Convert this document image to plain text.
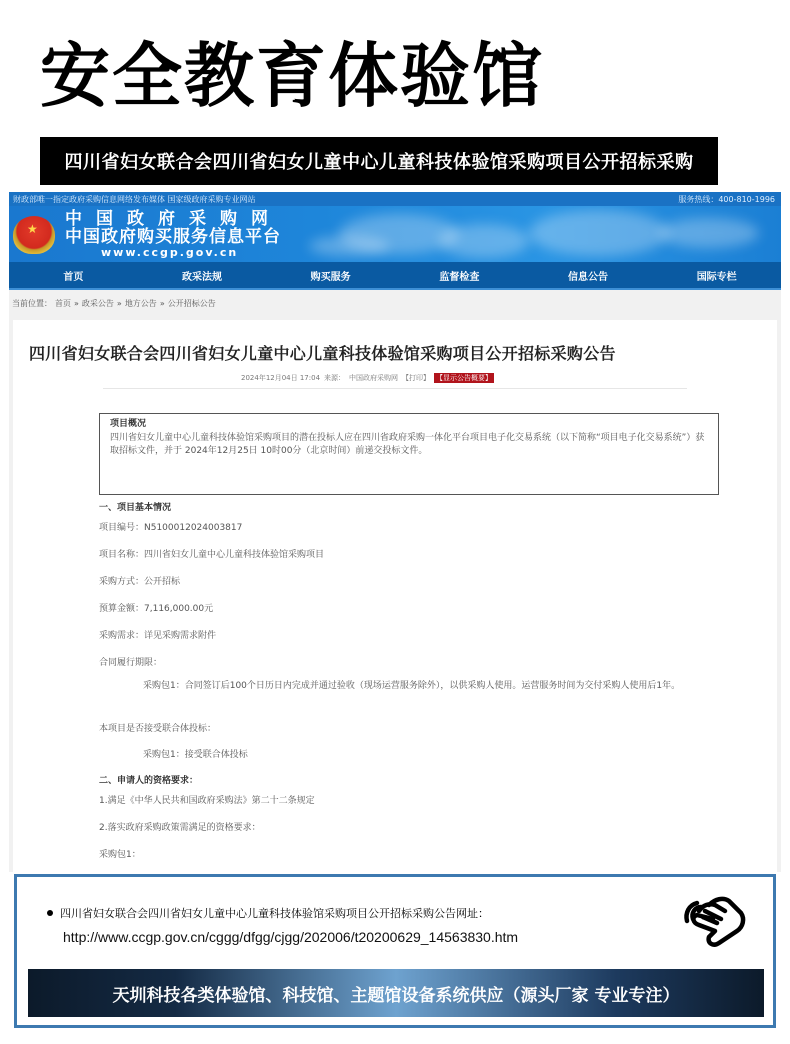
安全教育体验馆
四川省妇女联合会四川省妇女儿童中心儿童科技体验馆采购项目公开招标采购
财政部唯一指定政府采购信息网络发布媒体 国家级政府采购专业网站	服务热线：400-810-1996
★
中国政府采购网
中国政府购买服务信息平台
www.ccgp.gov.cn
首页	政采法规	购买服务	监督检查	信息公告	国际专栏
当前位置： 首页 » 政采公告 » 地方公告 » 公开招标公告
四川省妇女联合会四川省妇女儿童中心儿童科技体验馆采购项目公开招标采购公告
2024年12月04日 17:04 来源： 中国政府采购网 【打印】 【显示公告概要】
项目概况
四川省妇女儿童中心儿童科技体验馆采购项目的潜在投标人应在四川省政府采购一体化平台项目电子化交易系统（以下简称“项目电子化交易系统”）获取招标文件，并于 2024年12月25日 10时00分（北京时间）前递交投标文件。
一、项目基本情况
项目编号：N5100012024003817
项目名称：四川省妇女儿童中心儿童科技体验馆采购项目
采购方式：公开招标
预算金额：7,116,000.00元
采购需求：详见采购需求附件
合同履行期限：
采购包1：合同签订后100个日历日内完成并通过验收（现场运营服务除外），以供采购人使用。运营服务时间为交付采购人使用后1年。
本项目是否接受联合体投标：
采购包1：接受联合体投标
二、申请人的资格要求：
1.满足《中华人民共和国政府采购法》第二十二条规定
2.落实政府采购政策需满足的资格要求：
采购包1：
四川省妇女联合会四川省妇女儿童中心儿童科技体验馆采购项目公开招标采购公告网址：
http://www.ccgp.gov.cn/cggg/dfgg/cjgg/202006/t20200629_14563830.htm
天圳科技各类体验馆、科技馆、主题馆设备系统供应（源头厂家 专业专注）
